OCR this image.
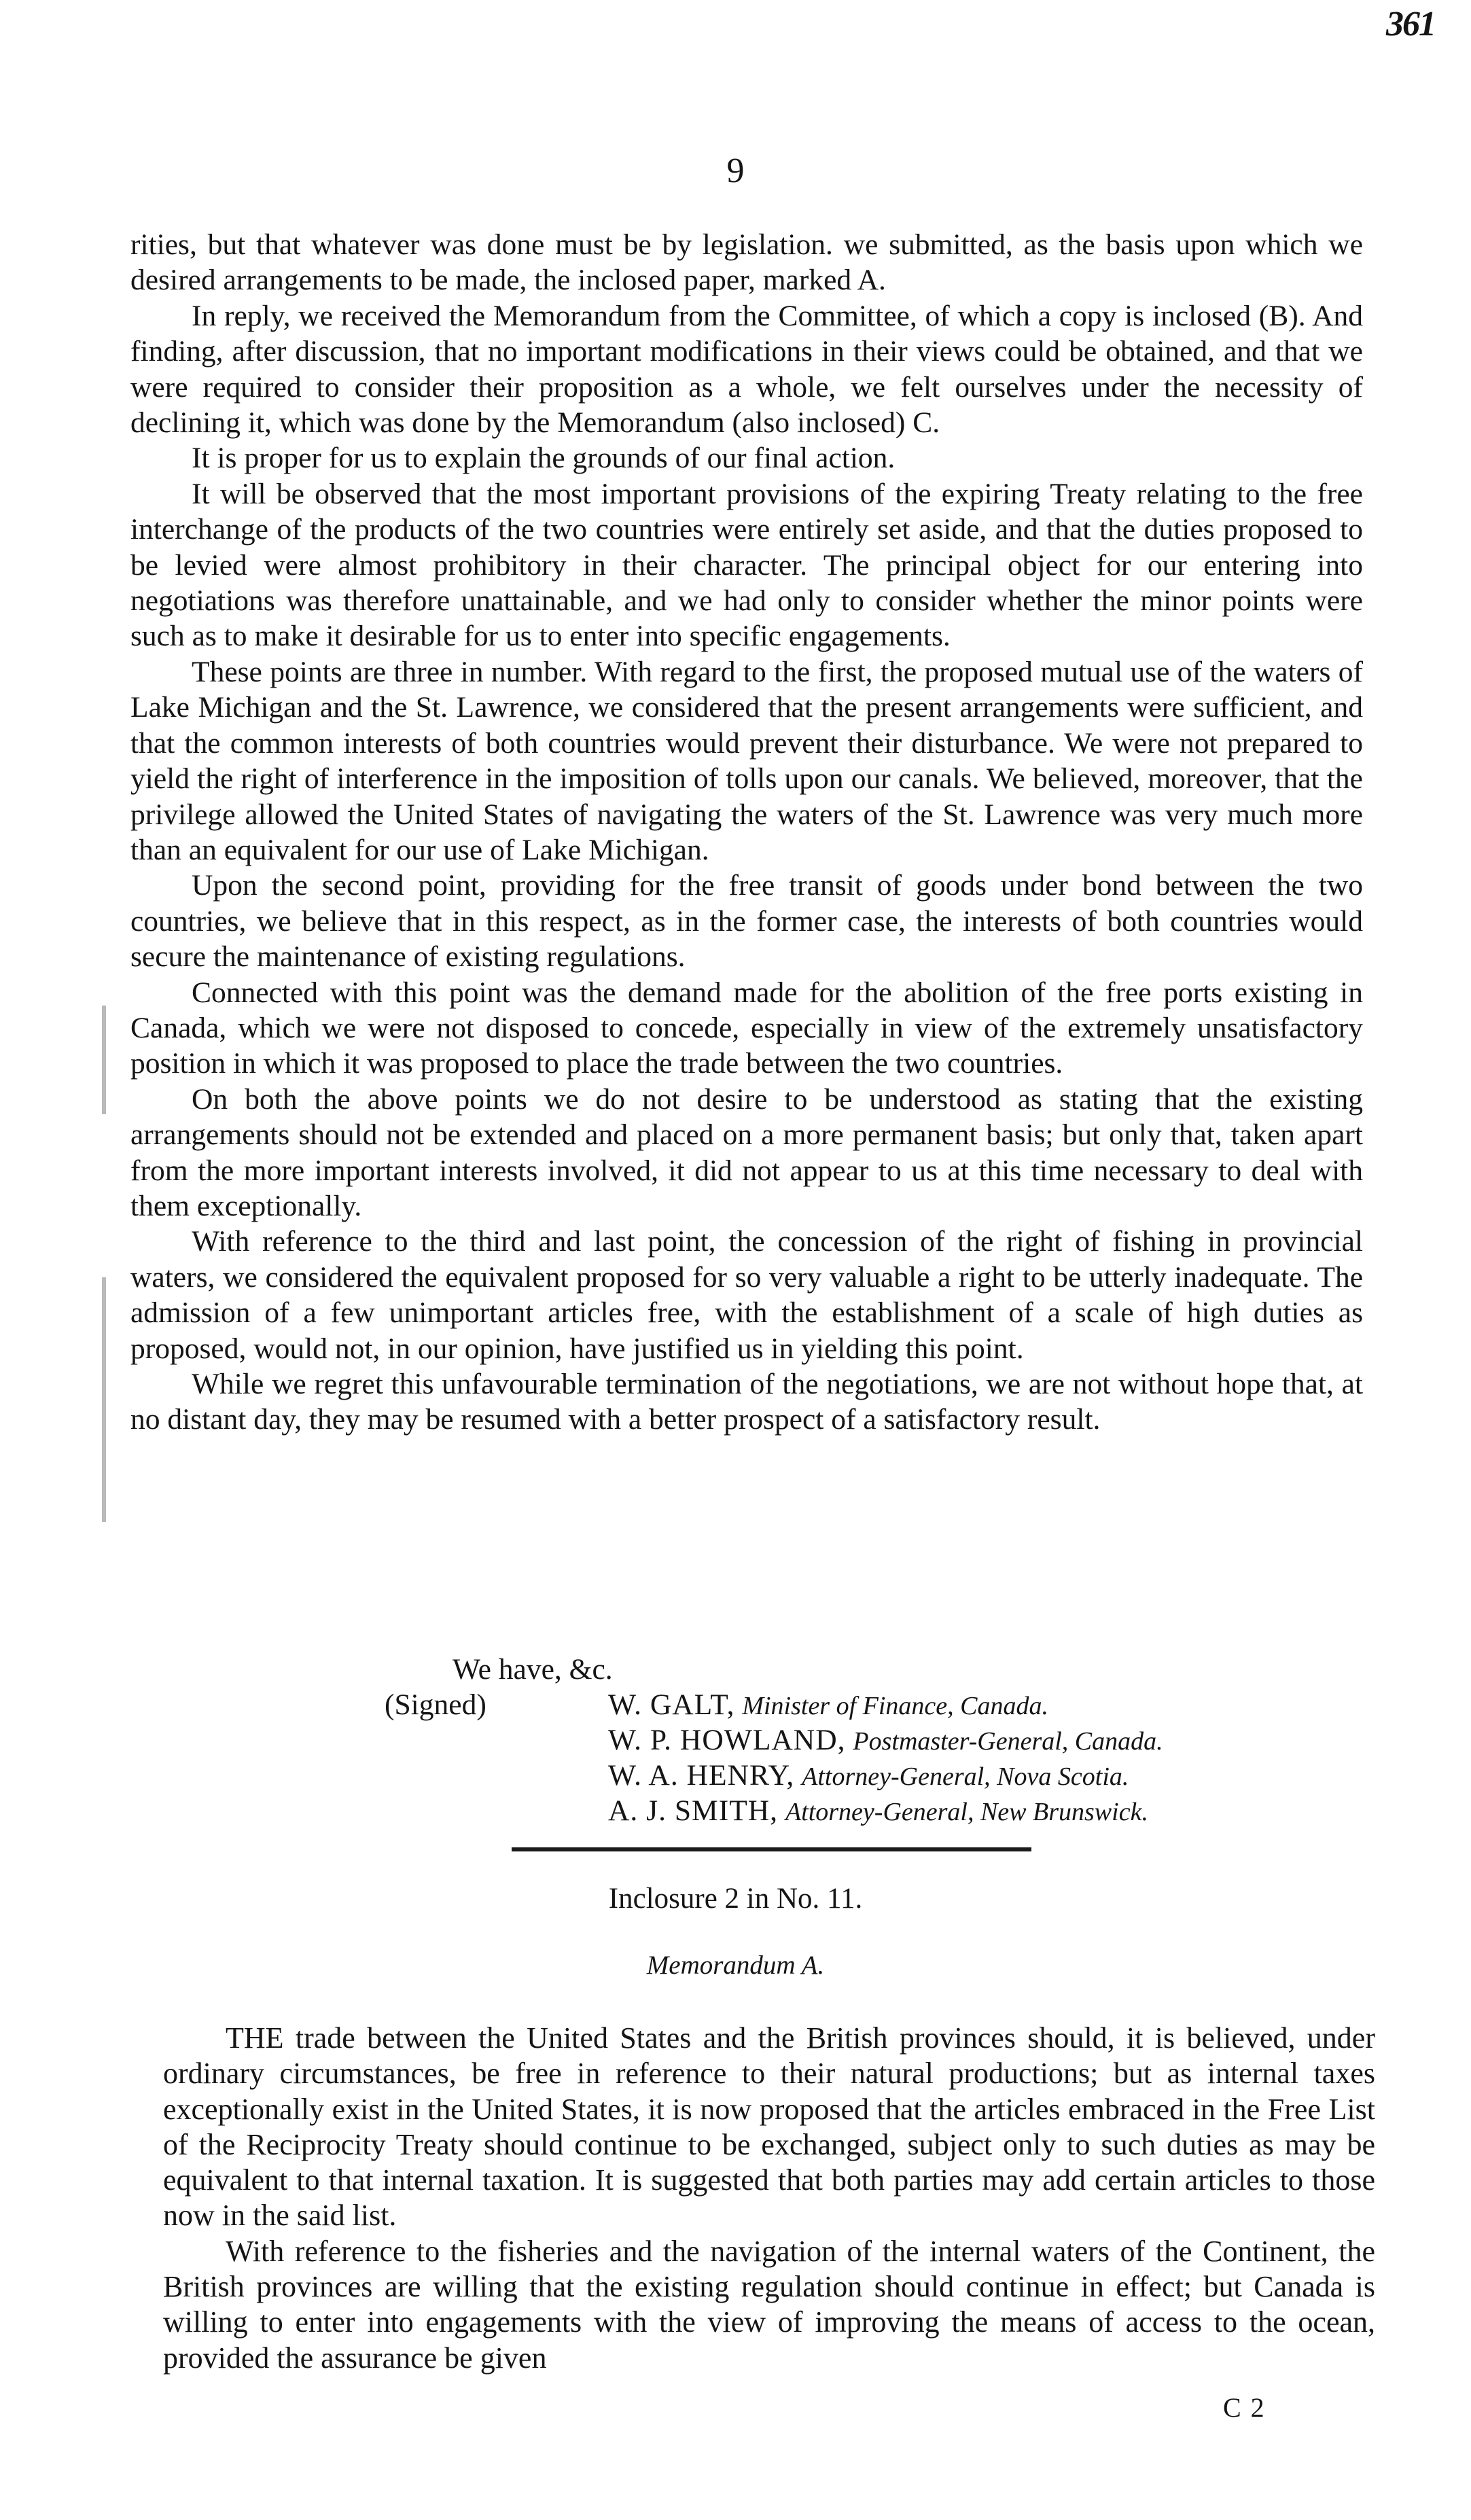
361
9

rities, but that whatever was done must be by legislation. we submitted, as the basis upon which we desired arrangements to be made, the inclosed paper, marked A.

In reply, we received the Memorandum from the Committee, of which a copy is inclosed (B). And finding, after discussion, that no important modifications in their views could be obtained, and that we were required to consider their proposition as a whole, we felt ourselves under the necessity of declining it, which was done by the Memorandum (also inclosed) C.

It is proper for us to explain the grounds of our final action.

It will be observed that the most important provisions of the expiring Treaty relating to the free interchange of the products of the two countries were entirely set aside, and that the duties proposed to be levied were almost prohibitory in their character. The principal object for our entering into negotiations was therefore unattainable, and we had only to consider whether the minor points were such as to make it desirable for us to enter into specific engagements.

These points are three in number. With regard to the first, the proposed mutual use of the waters of Lake Michigan and the St. Lawrence, we considered that the present arrangements were sufficient, and that the common interests of both countries would prevent their disturbance. We were not prepared to yield the right of interference in the imposition of tolls upon our canals. We believed, moreover, that the privilege allowed the United States of navigating the waters of the St. Lawrence was very much more than an equivalent for our use of Lake Michigan.

Upon the second point, providing for the free transit of goods under bond between the two countries, we believe that in this respect, as in the former case, the interests of both countries would secure the maintenance of existing regulations.

Connected with this point was the demand made for the abolition of the free ports existing in Canada, which we were not disposed to concede, especially in view of the extremely unsatisfactory position in which it was proposed to place the trade between the two countries.

On both the above points we do not desire to be understood as stating that the existing arrangements should not be extended and placed on a more permanent basis; but only that, taken apart from the more important interests involved, it did not appear to us at this time necessary to deal with them exceptionally.

With reference to the third and last point, the concession of the right of fishing in provincial waters, we considered the equivalent proposed for so very valuable a right to be utterly inadequate. The admission of a few unimportant articles free, with the establishment of a scale of high duties as proposed, would not, in our opinion, have justified us in yielding this point.

While we regret this unfavourable termination of the negotiations, we are not without hope that, at no distant day, they may be resumed with a better prospect of a satisfactory result.

We have, &c.
(Signed)	W. GALT, Minister of Finance, Canada.
W. P. HOWLAND, Postmaster-General, Canada.
W. A. HENRY, Attorney-General, Nova Scotia.
A. J. SMITH, Attorney-General, New Brunswick.
Inclosure 2 in No. 11.
Memorandum A.

THE trade between the United States and the British provinces should, it is believed, under ordinary circumstances, be free in reference to their natural productions; but as internal taxes exceptionally exist in the United States, it is now proposed that the articles embraced in the Free List of the Reciprocity Treaty should continue to be exchanged, subject only to such duties as may be equivalent to that internal taxation. It is suggested that both parties may add certain articles to those now in the said list.

With reference to the fisheries and the navigation of the internal waters of the Continent, the British provinces are willing that the existing regulation should continue in effect; but Canada is willing to enter into engagements with the view of improving the means of access to the ocean, provided the assurance be given

C 2
